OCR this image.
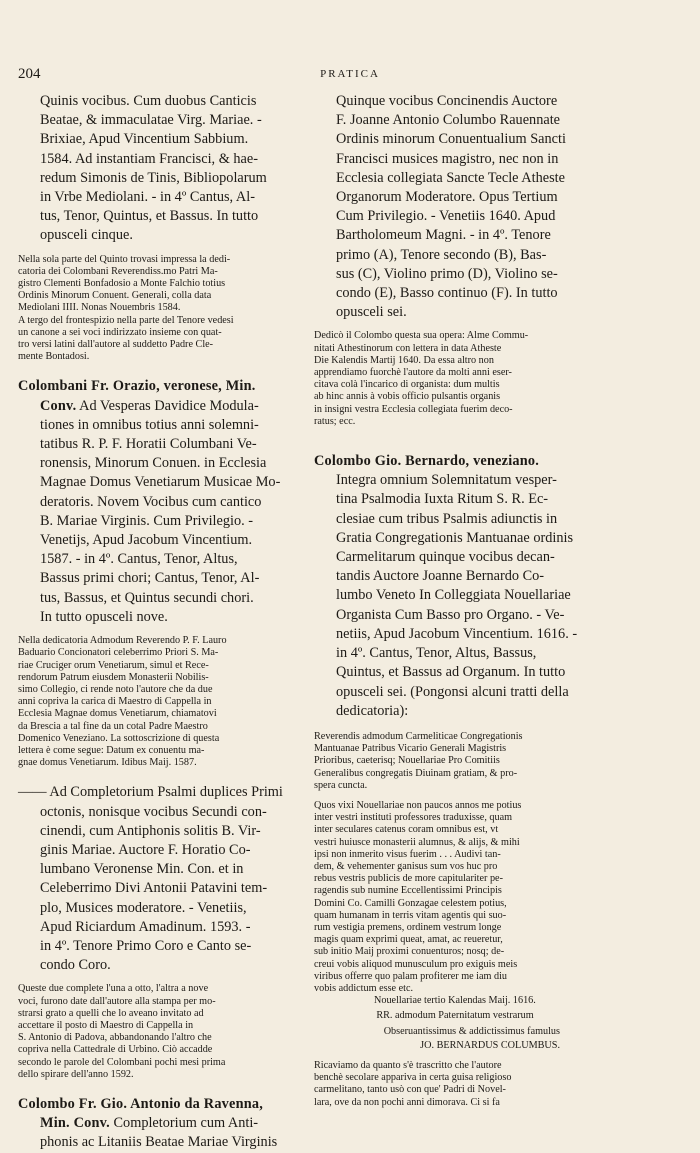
204	PRATICA
Quinis vocibus. Cum duobus Canticis
Beatae, & immaculatae Virg. Mariae. -
Brixiae, Apud Vincentium Sabbium.
1584. Ad instantiam Francisci, & hae-
redum Simonis de Tinis, Bibliopolarum
in Vrbe Mediolani. - in 4º Cantus, Al-
tus, Tenor, Quintus, et Bassus. In tutto
opusceli cinque.
Nella sola parte del Quinto trovasi impressa la dedi-
catoria dei Colombani Reverendiss.mo Patri Ma-
gistro Clementi Bonfadosio a Monte Falchio totius
Ordinis Minorum Conuent. Generali, colla data
Mediolani IIII. Nonas Nouembris 1584.
A tergo del frontespizio nella parte del Tenore vedesi
un canone a sei voci indirizzato insieme con quat-
tro versi latini dall'autore al suddetto Padre Cle-
mente Bontadosi.
Colombani Fr. Orazio, veronese, Min.
Conv. Ad Vesperas Davidice Modula-
tiones in omnibus totius anni solemni-
tatibus R. P. F. Horatii Columbani Ve-
ronensis, Minorum Conuen. in Ecclesia
Magnae Domus Venetiarum Musicae Mo-
deratoris. Novem Vocibus cum cantico
B. Mariae Virginis. Cum Privilegio. -
Venetijs, Apud Jacobum Vincentium.
1587. - in 4º. Cantus, Tenor, Altus,
Bassus primi chori; Cantus, Tenor, Al-
tus, Bassus, et Quintus secundi chori.
In tutto opusceli nove.
Nella dedicatoria Admodum Reverendo P. F. Lauro
Baduario Concionatori celeberrimo Priori S. Ma-
riae Cruciger orum Venetiarum, simul et Rece-
rendorum Patrum eiusdem Monasterii Nobilis-
simo Collegio, ci rende noto l'autore che da due
anni copriva la carica di Maestro di Cappella in
Ecclesia Magnae domus Venetiarum, chiamatovi
da Brescia a tal fine da un cotal Padre Maestro
Domenico Veneziano. La sottoscrizione di questa
lettera è come segue: Datum ex conuentu ma-
gnae domus Venetiarum. Idibus Maij. 1587.
—— Ad Completorium Psalmi duplices Primi
octonis, nonisque vocibus Secundi con-
cinendi, cum Antiphonis solitis B. Vir-
ginis Mariae. Auctore F. Horatio Co-
lumbano Veronense Min. Con. et in
Celeberrimo Divi Antonii Patavini tem-
plo, Musices moderatore. - Venetiis,
Apud Riciardum Amadinum. 1593. -
in 4º. Tenore Primo Coro e Canto se-
condo Coro.
Queste due complete l'una a otto, l'altra a nove
voci, furono date dall'autore alla stampa per mo-
strarsi grato a quelli che lo aveano invitato ad
accettare il posto di Maestro di Cappella in
S. Antonio di Padova, abbandonando l'altro che
copriva nella Cattedrale di Urbino. Ciò accadde
secondo le parole del Colombani pochi mesi prima
dello spirare dell'anno 1592.
Colombo Fr. Gio. Antonio da Ravenna,
Min. Conv. Completorium cum Anti-
phonis ac Litaniis Beatae Mariae Virginis
Quinque vocibus Concinendis Auctore
F. Joanne Antonio Columbo Rauennate
Ordinis minorum Conuentualium Sancti
Francisci musices magistro, nec non in
Ecclesia collegiata Sancte Tecle Atheste
Organorum Moderatore. Opus Tertium
Cum Privilegio. - Venetiis 1640. Apud
Bartholomeum Magni. - in 4º. Tenore
primo (A), Tenore secondo (B), Bas-
sus (C), Violino primo (D), Violino se-
condo (E), Basso continuo (F). In tutto
opusceli sei.
Dedicò il Colombo questa sua opera: Alme Commu-
nitati Athestinorum con lettera in data Atheste
Die Kalendis Martij 1640. Da essa altro non
apprendiamo fuorchè l'autore da molti anni eser-
citava colà l'incarico di organista: dum multis
ab hinc annis à vobis officio pulsantis organis
in insigni vestra Ecclesia collegiata fuerim deco-
ratus; ecc.
Colombo Gio. Bernardo, veneziano.
Integra omnium Solemnitatum vesper-
tina Psalmodia Iuxta Ritum S. R. Ec-
clesiae cum tribus Psalmis adiunctis in
Gratia Congregationis Mantuanae ordinis
Carmelitarum quinque vocibus decan-
tandis Auctore Joanne Bernardo Co-
lumbo Veneto In Colleggiata Nouellariae
Organista Cum Basso pro Organo. - Ve-
netiis, Apud Jacobum Vincentium. 1616. -
in 4º. Cantus, Tenor, Altus, Bassus,
Quintus, et Bassus ad Organum. In tutto
opusceli sei. (Pongonsi alcuni tratti della
dedicatoria):
Reverendis admodum Carmeliticae Congregationis
Mantuanae Patribus Vicario Generali Magistris
Prioribus, caeterisq; Nouellariae Pro Comitiis
Generalibus congregatis Diuinam gratiam, & pro-
spera cuncta.
Quos vixi Nouellariae non paucos annos me potius
inter vestri instituti professores traduxisse, quam
inter seculares catenus coram omnibus est, vt
vestri huiusce monasterii alumnus, & alijs, & mihi
ipsi non inmerito visus fuerim . . . Audivi tan-
dem, & vehementer ganisus sum vos huc pro
rebus vestris publicis de more capitulariter pe-
ragendis sub numine Eccellentissimi Principis
Domini Co. Camilli Gonzagae celestem potius,
quam humanam in terris vitam agentis qui suo-
rum vestigia premens, ordinem vestrum longe
magis quam exprimi queat, amat, ac reueretur,
sub initio Maij proximi conuenturos; nosq; de-
creui vobis aliquod munusculum pro exiguis meis
viribus offerre quo palam profiterer me iam diu
vobis addictum esse etc.
Nouellariae tertio Kalendas Maij. 1616.
RR. admodum Paternitatum vestrarum
Obseruantissimus & addictissimus famulus
JO. BERNARDUS COLUMBUS.
Ricaviamo da quanto s'è trascritto che l'autore
benchè secolare appariva in certa guisa religioso
carmelitano, tanto usò con que' Padri di Novel-
lara, ove da non pochi anni dimorava. Ci si fa
